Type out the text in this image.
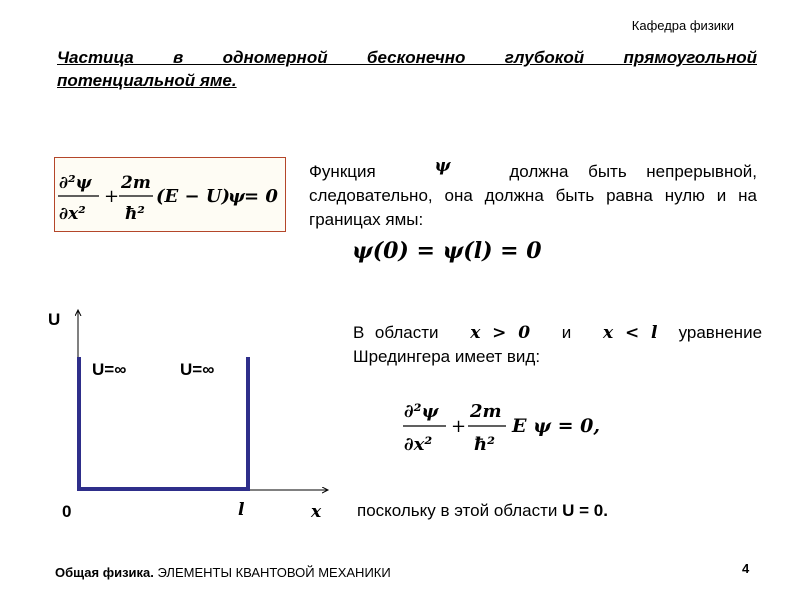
Кафедра физики
Частица в одномерной бесконечно глубокой прямоугольной
потенциальной яме.
∂²ψ
∂x²
+
2m
ħ²
(E − U)
ψ = 0
Функция	ψ	должна быть непрерывной, следовательно, она должна быть равна нулю и на границах ямы:
ψ(0) = ψ(l) = 0
U
U=∞	U=∞
0	l	x
В области x > 0 и x < l уравнение Шредингера имеет вид:
∂²ψ
∂x²
+
2m
ħ²
E ψ = 0,
поскольку в этой области U = 0.
Общая физика. ЭЛЕМЕНТЫ КВАНТОВОЙ МЕХАНИКИ	4
